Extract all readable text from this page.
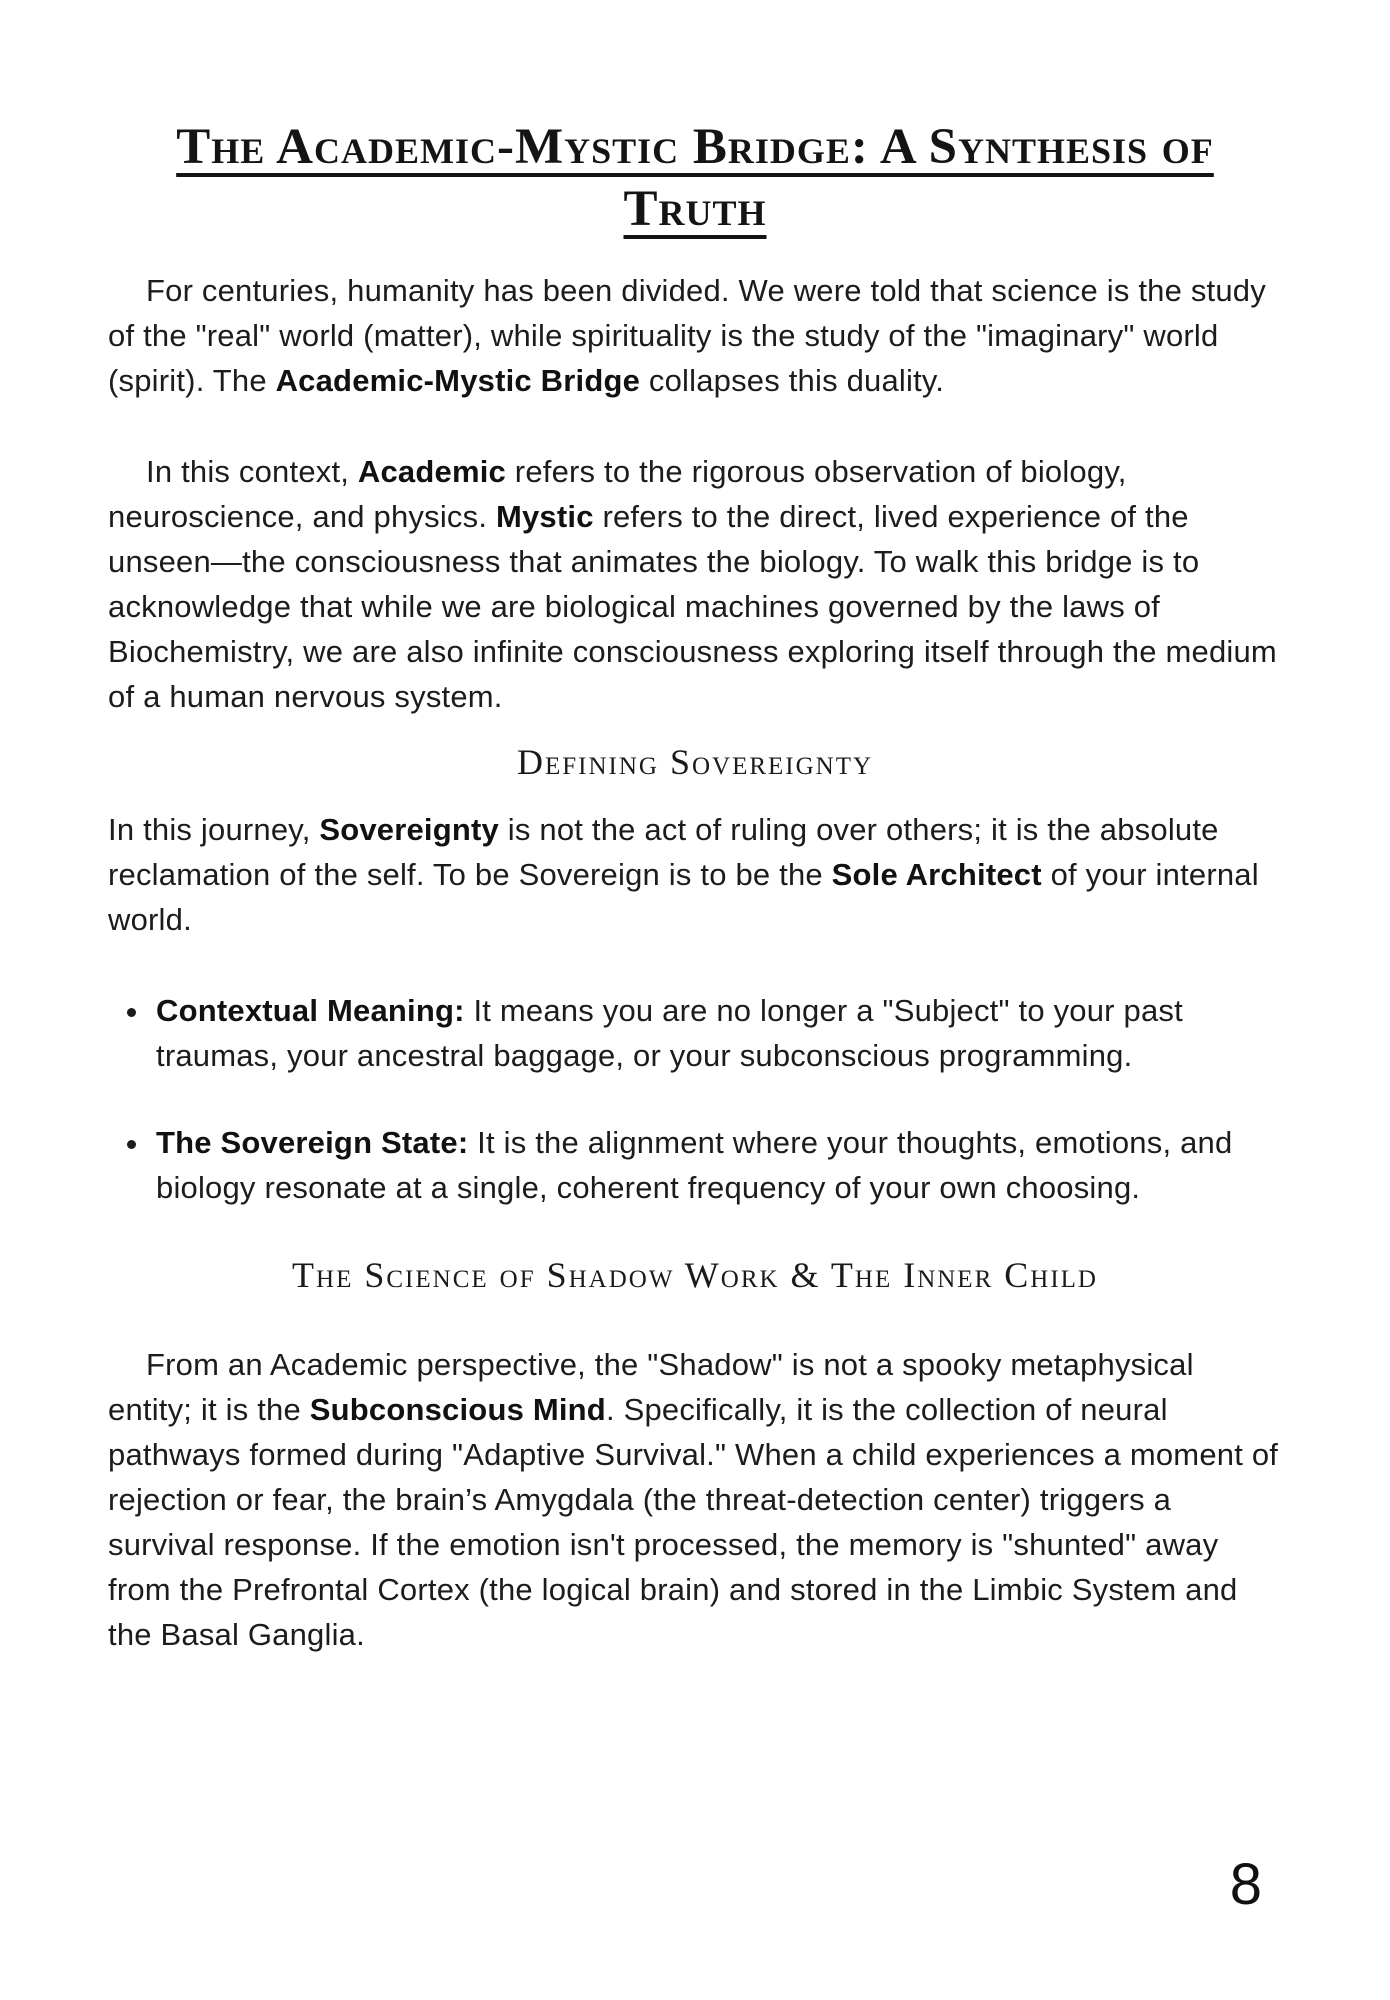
The Academic-Mystic Bridge: A Synthesis of Truth

For centuries, humanity has been divided. We were told that science is the study of the "real" world (matter), while spirituality is the study of the "imaginary" world (spirit). The Academic-Mystic Bridge collapses this duality.

In this context, Academic refers to the rigorous observation of biology, neuroscience, and physics. Mystic refers to the direct, lived experience of the unseen—the consciousness that animates the biology. To walk this bridge is to acknowledge that while we are biological machines governed by the laws of Biochemistry, we are also infinite consciousness exploring itself through the medium of a human nervous system.

Defining Sovereignty

In this journey, Sovereignty is not the act of ruling over others; it is the absolute reclamation of the self. To be Sovereign is to be the Sole Architect of your internal world.

• Contextual Meaning: It means you are no longer a "Subject" to your past traumas, your ancestral baggage, or your subconscious programming.
• The Sovereign State: It is the alignment where your thoughts, emotions, and biology resonate at a single, coherent frequency of your own choosing.
The Science of Shadow Work & The Inner Child

From an Academic perspective, the "Shadow" is not a spooky metaphysical entity; it is the Subconscious Mind. Specifically, it is the collection of neural pathways formed during "Adaptive Survival." When a child experiences a moment of rejection or fear, the brain’s Amygdala (the threat-detection center) triggers a survival response. If the emotion isn't processed, the memory is "shunted" away from the Prefrontal Cortex (the logical brain) and stored in the Limbic System and the Basal Ganglia.

8
